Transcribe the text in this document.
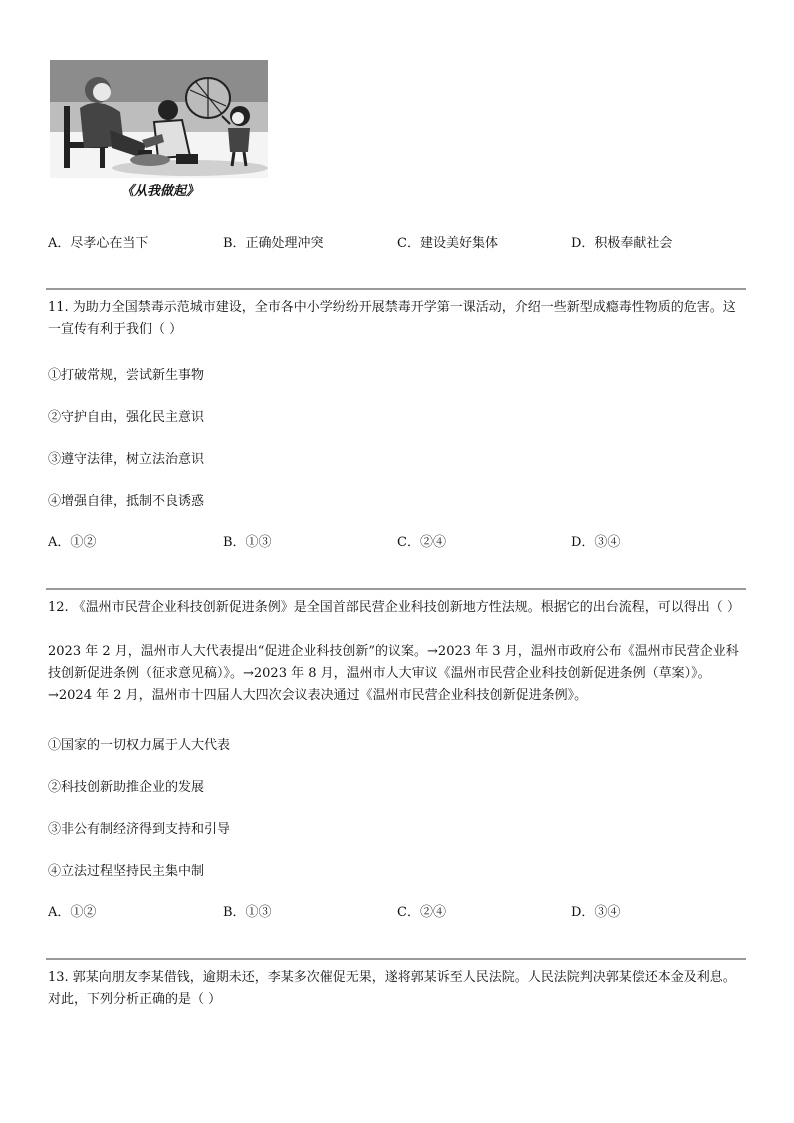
《从我做起》
A．尽孝心在当下	B．正确处理冲突	C．建设美好集体	D．积极奉献社会
11. 为助力全国禁毒示范城市建设，全市各中小学纷纷开展禁毒开学第一课活动，介绍一些新型成瘾毒性物质的危害。这一宣传有利于我们（ ）
①打破常规，尝试新生事物
②守护自由，强化民主意识
③遵守法律，树立法治意识
④增强自律，抵制不良诱惑
A．①②	B．①③	C．②④	D．③④
12. 《温州市民营企业科技创新促进条例》是全国首部民营企业科技创新地方性法规。根据它的出台流程，可以得出（ ）
2023 年 2 月，温州市人大代表提出“促进企业科技创新”的议案。→2023 年 3 月，温州市政府公布《温州市民营企业科技创新促进条例（征求意见稿）》。→2023 年 8 月，温州市人大审议《温州市民营企业科技创新促进条例（草案）》。→2024 年 2 月，温州市十四届人大四次会议表决通过《温州市民营企业科技创新促进条例》。
①国家的一切权力属于人大代表
②科技创新助推企业的发展
③非公有制经济得到支持和引导
④立法过程坚持民主集中制
A．①②	B．①③	C．②④	D．③④
13. 郭某向朋友李某借钱，逾期未还，李某多次催促无果，遂将郭某诉至人民法院。人民法院判决郭某偿还本金及利息。对此，下列分析正确的是（ ）
